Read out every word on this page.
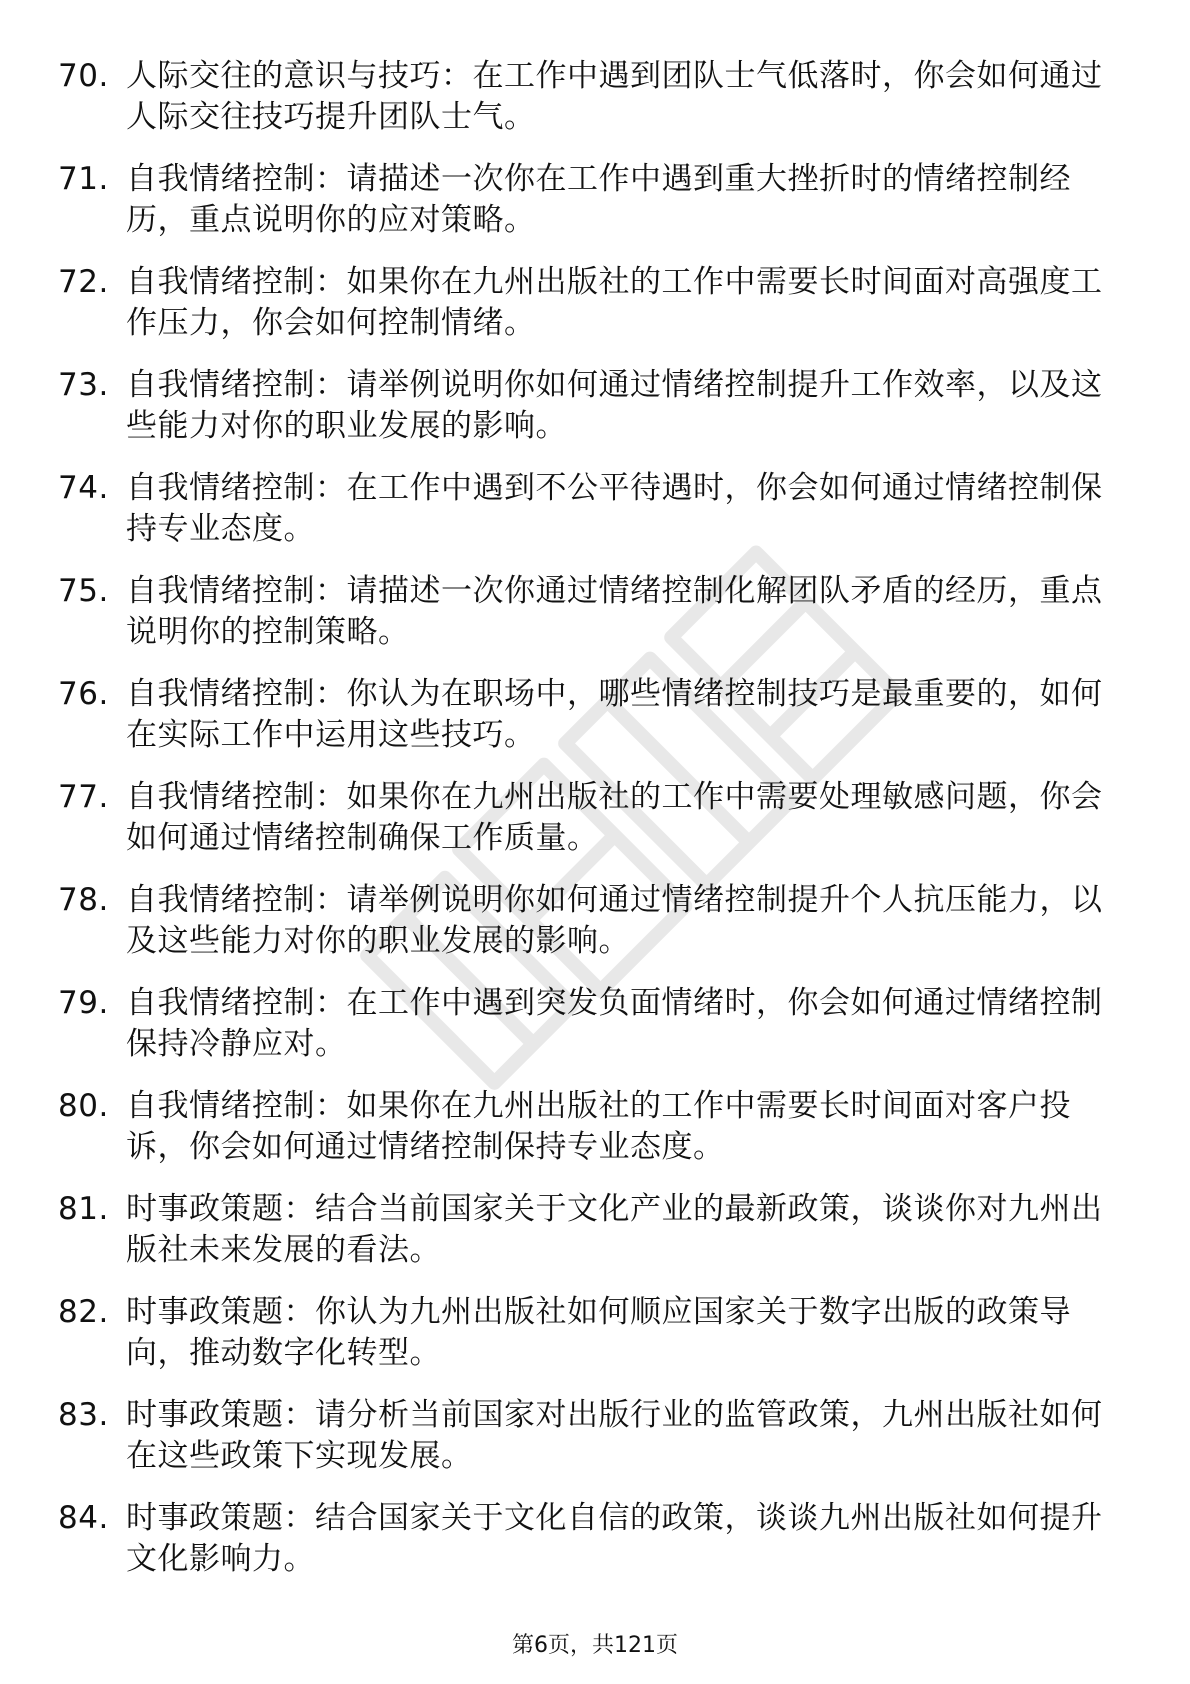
70. 人际交往的意识与技巧：在工作中遇到团队士气低落时，你会如何通过人际交往技巧提升团队士气。
71. 自我情绪控制：请描述一次你在工作中遇到重大挫折时的情绪控制经历，重点说明你的应对策略。
72. 自我情绪控制：如果你在九州出版社的工作中需要长时间面对高强度工作压力，你会如何控制情绪。
73. 自我情绪控制：请举例说明你如何通过情绪控制提升工作效率，以及这些能力对你的职业发展的影响。
74. 自我情绪控制：在工作中遇到不公平待遇时，你会如何通过情绪控制保持专业态度。
75. 自我情绪控制：请描述一次你通过情绪控制化解团队矛盾的经历，重点说明你的控制策略。
76. 自我情绪控制：你认为在职场中，哪些情绪控制技巧是最重要的，如何在实际工作中运用这些技巧。
77. 自我情绪控制：如果你在九州出版社的工作中需要处理敏感问题，你会如何通过情绪控制确保工作质量。
78. 自我情绪控制：请举例说明你如何通过情绪控制提升个人抗压能力，以及这些能力对你的职业发展的影响。
79. 自我情绪控制：在工作中遇到突发负面情绪时，你会如何通过情绪控制保持冷静应对。
80. 自我情绪控制：如果你在九州出版社的工作中需要长时间面对客户投诉，你会如何通过情绪控制保持专业态度。
81. 时事政策题：结合当前国家关于文化产业的最新政策，谈谈你对九州出版社未来发展的看法。
82. 时事政策题：你认为九州出版社如何顺应国家关于数字出版的政策导向，推动数字化转型。
83. 时事政策题：请分析当前国家对出版行业的监管政策，九州出版社如何在这些政策下实现发展。
84. 时事政策题：结合国家关于文化自信的政策，谈谈九州出版社如何提升文化影响力。
第6页，共121页
